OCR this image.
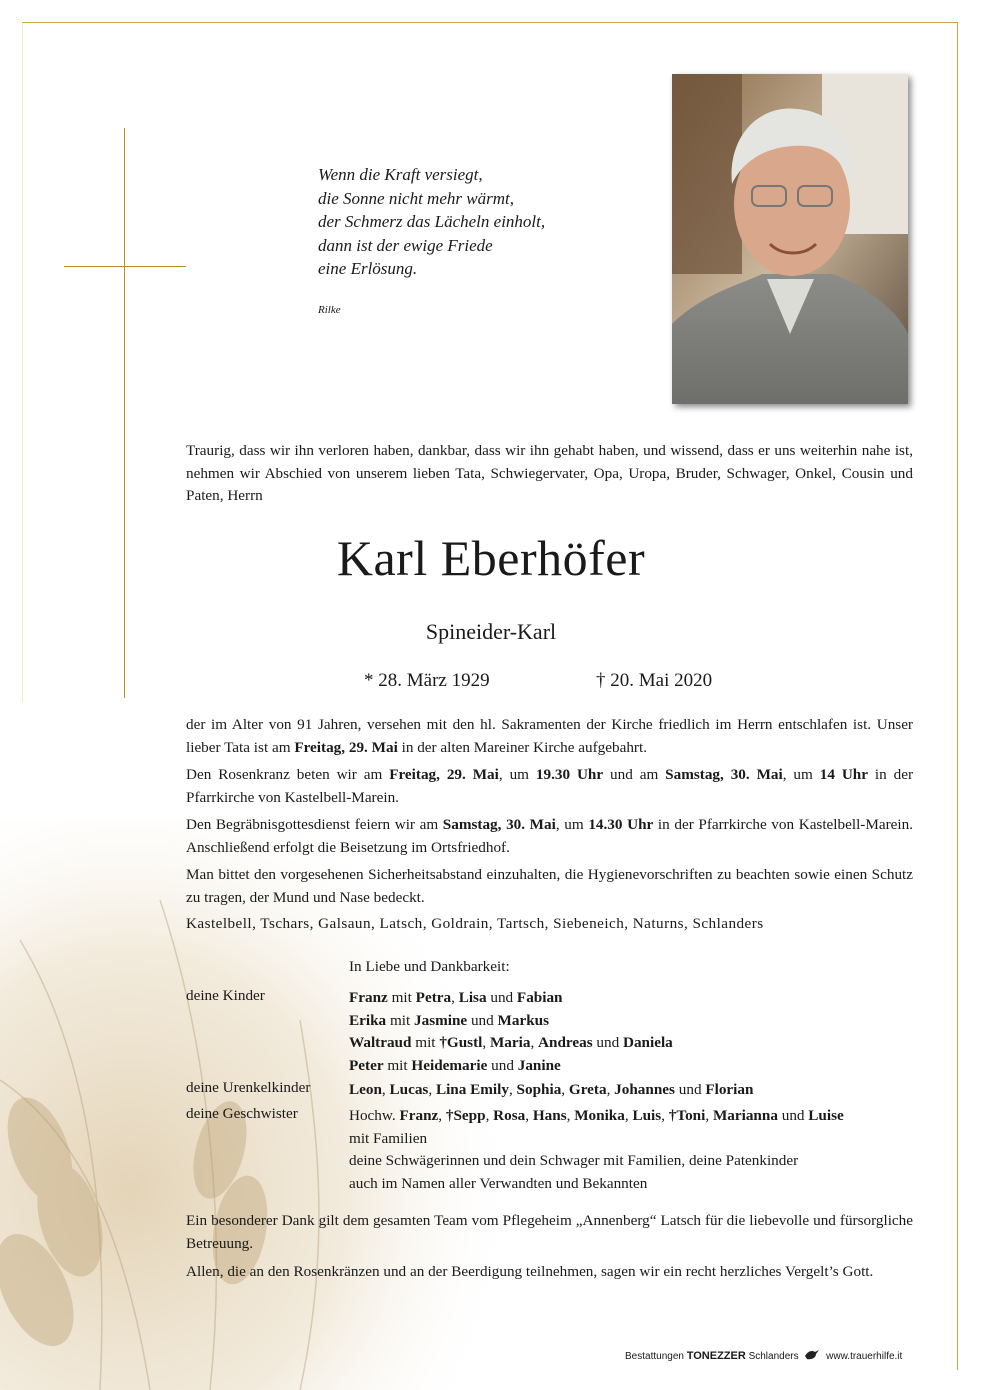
Wenn die Kraft versiegt,
die Sonne nicht mehr wärmt,
der Schmerz das Lächeln einholt,
dann ist der ewige Friede
eine Erlösung.
Rilke

Traurig, dass wir ihn verloren haben, dankbar, dass wir ihn gehabt haben, und wissend, dass er uns weiterhin nahe ist, nehmen wir Abschied von unserem lieben Tata, Schwiegervater, Opa, Uropa, Bruder, Schwager, Onkel, Cousin und Paten, Herrn

Karl Eberhöfer
Spineider-Karl
* 28. März 1929	† 20. Mai 2020

der im Alter von 91 Jahren, versehen mit den hl. Sakramenten der Kirche friedlich im Herrn entschlafen ist. Unser lieber Tata ist am Freitag, 29. Mai in der alten Mareiner Kirche aufgebahrt.

Den Rosenkranz beten wir am Freitag, 29. Mai, um 19.30 Uhr und am Samstag, 30. Mai, um 14 Uhr in der Pfarrkirche von Kastelbell-Marein.

Den Begräbnisgottesdienst feiern wir am Samstag, 30. Mai, um 14.30 Uhr in der Pfarrkirche von Kastelbell-Marein. Anschließend erfolgt die Beisetzung im Ortsfriedhof.

Man bittet den vorgesehenen Sicherheitsabstand einzuhalten, die Hygienevorschriften zu beachten sowie einen Schutz zu tragen, der Mund und Nase bedeckt.

Kastelbell, Tschars, Galsaun, Latsch, Goldrain, Tartsch, Siebeneich, Naturns, Schlanders
In Liebe und Dankbarkeit:
deine Kinder	Franz mit Petra, Lisa und Fabian
Erika mit Jasmine und Markus
Waltraud mit †Gustl, Maria, Andreas und Daniela
Peter mit Heidemarie und Janine
deine Urenkelkinder	Leon, Lucas, Lina Emily, Sophia, Greta, Johannes und Florian
deine Geschwister	Hochw. Franz, †Sepp, Rosa, Hans, Monika, Luis, †Toni, Marianna und Luise
mit Familien
deine Schwägerinnen und dein Schwager mit Familien, deine Patenkinder
auch im Namen aller Verwandten und Bekannten

Ein besonderer Dank gilt dem gesamten Team vom Pflegeheim „Annenberg“ Latsch für die liebevolle und fürsorgliche Betreuung.

Allen, die an den Rosenkränzen und an der Beerdigung teilnehmen, sagen wir ein recht herzliches Vergelt’s Gott.

Bestattungen TONEZZER Schlanders	www.trauerhilfe.it
